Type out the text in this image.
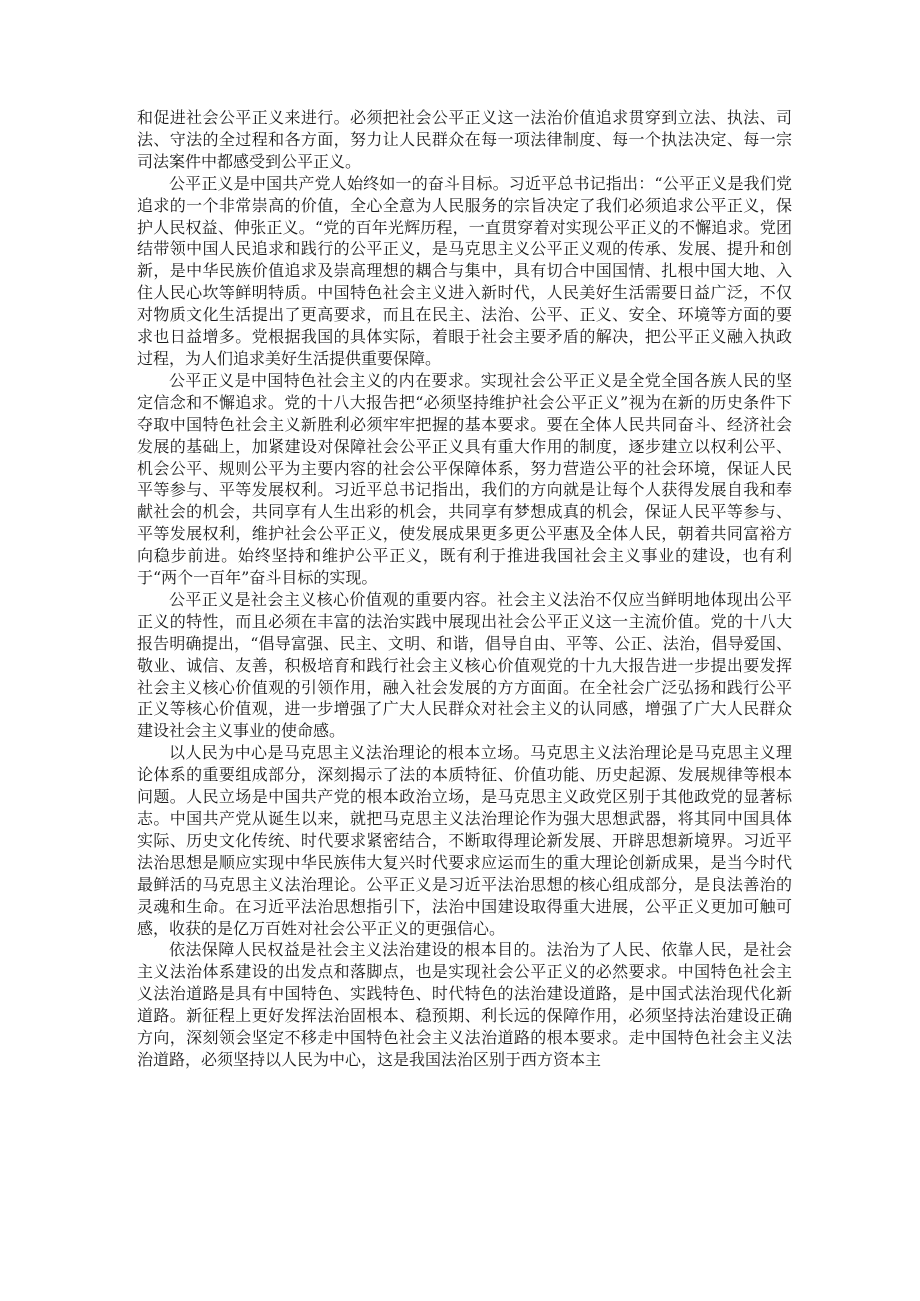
和促进社会公平正义来进行。必须把社会公平正义这一法治价值追求贯穿到立法、执法、司法、守法的全过程和各方面，努力让人民群众在每一项法律制度、每一个执法决定、每一宗司法案件中都感受到公平正义。

公平正义是中国共产党人始终如一的奋斗目标。习近平总书记指出：“公平正义是我们党追求的一个非常崇高的价值，全心全意为人民服务的宗旨决定了我们必须追求公平正义，保护人民权益、伸张正义。“党的百年光辉历程，一直贯穿着对实现公平正义的不懈追求。党团结带领中国人民追求和践行的公平正义，是马克思主义公平正义观的传承、发展、提升和创新，是中华民族价值追求及崇高理想的耦合与集中，具有切合中国国情、扎根中国大地、入住人民心坎等鲜明特质。中国特色社会主义进入新时代，人民美好生活需要日益广泛，不仅对物质文化生活提出了更高要求，而且在民主、法治、公平、正义、安全、环境等方面的要求也日益增多。党根据我国的具体实际，着眼于社会主要矛盾的解决，把公平正义融入执政过程，为人们追求美好生活提供重要保障。

公平正义是中国特色社会主义的内在要求。实现社会公平正义是全党全国各族人民的坚定信念和不懈追求。党的十八大报告把“必须坚持维护社会公平正义”视为在新的历史条件下夺取中国特色社会主义新胜利必须牢牢把握的基本要求。要在全体人民共同奋斗、经济社会发展的基础上，加紧建设对保障社会公平正义具有重大作用的制度，逐步建立以权利公平、机会公平、规则公平为主要内容的社会公平保障体系，努力营造公平的社会环境，保证人民平等参与、平等发展权利。习近平总书记指出，我们的方向就是让每个人获得发展自我和奉献社会的机会，共同享有人生出彩的机会，共同享有梦想成真的机会，保证人民平等参与、平等发展权利，维护社会公平正义，使发展成果更多更公平惠及全体人民，朝着共同富裕方向稳步前进。始终坚持和维护公平正义，既有利于推进我国社会主义事业的建设，也有利于“两个一百年”奋斗目标的实现。

公平正义是社会主义核心价值观的重要内容。社会主义法治不仅应当鲜明地体现出公平正义的特性，而且必须在丰富的法治实践中展现出社会公平正义这一主流价值。党的十八大报告明确提出，“倡导富强、民主、文明、和谐，倡导自由、平等、公正、法治，倡导爱国、敬业、诚信、友善，积极培育和践行社会主义核心价值观党的十九大报告进一步提出要发挥社会主义核心价值观的引领作用，融入社会发展的方方面面。在全社会广泛弘扬和践行公平正义等核心价值观，进一步增强了广大人民群众对社会主义的认同感，增强了广大人民群众建设社会主义事业的使命感。

以人民为中心是马克思主义法治理论的根本立场。马克思主义法治理论是马克思主义理论体系的重要组成部分，深刻揭示了法的本质特征、价值功能、历史起源、发展规律等根本问题。人民立场是中国共产党的根本政治立场，是马克思主义政党区别于其他政党的显著标志。中国共产党从诞生以来，就把马克思主义法治理论作为强大思想武器，将其同中国具体实际、历史文化传统、时代要求紧密结合，不断取得理论新发展、开辟思想新境界。习近平法治思想是顺应实现中华民族伟大复兴时代要求应运而生的重大理论创新成果，是当今时代最鲜活的马克思主义法治理论。公平正义是习近平法治思想的核心组成部分，是良法善治的灵魂和生命。在习近平法治思想指引下，法治中国建设取得重大进展，公平正义更加可触可感，收获的是亿万百姓对社会公平正义的更强信心。

依法保障人民权益是社会主义法治建设的根本目的。法治为了人民、依靠人民，是社会主义法治体系建设的出发点和落脚点，也是实现社会公平正义的必然要求。中国特色社会主义法治道路是具有中国特色、实践特色、时代特色的法治建设道路，是中国式法治现代化新道路。新征程上更好发挥法治固根本、稳预期、利长远的保障作用，必须坚持法治建设正确方向，深刻领会坚定不移走中国特色社会主义法治道路的根本要求。走中国特色社会主义法治道路，必须坚持以人民为中心，这是我国法治区别于西方资本主
